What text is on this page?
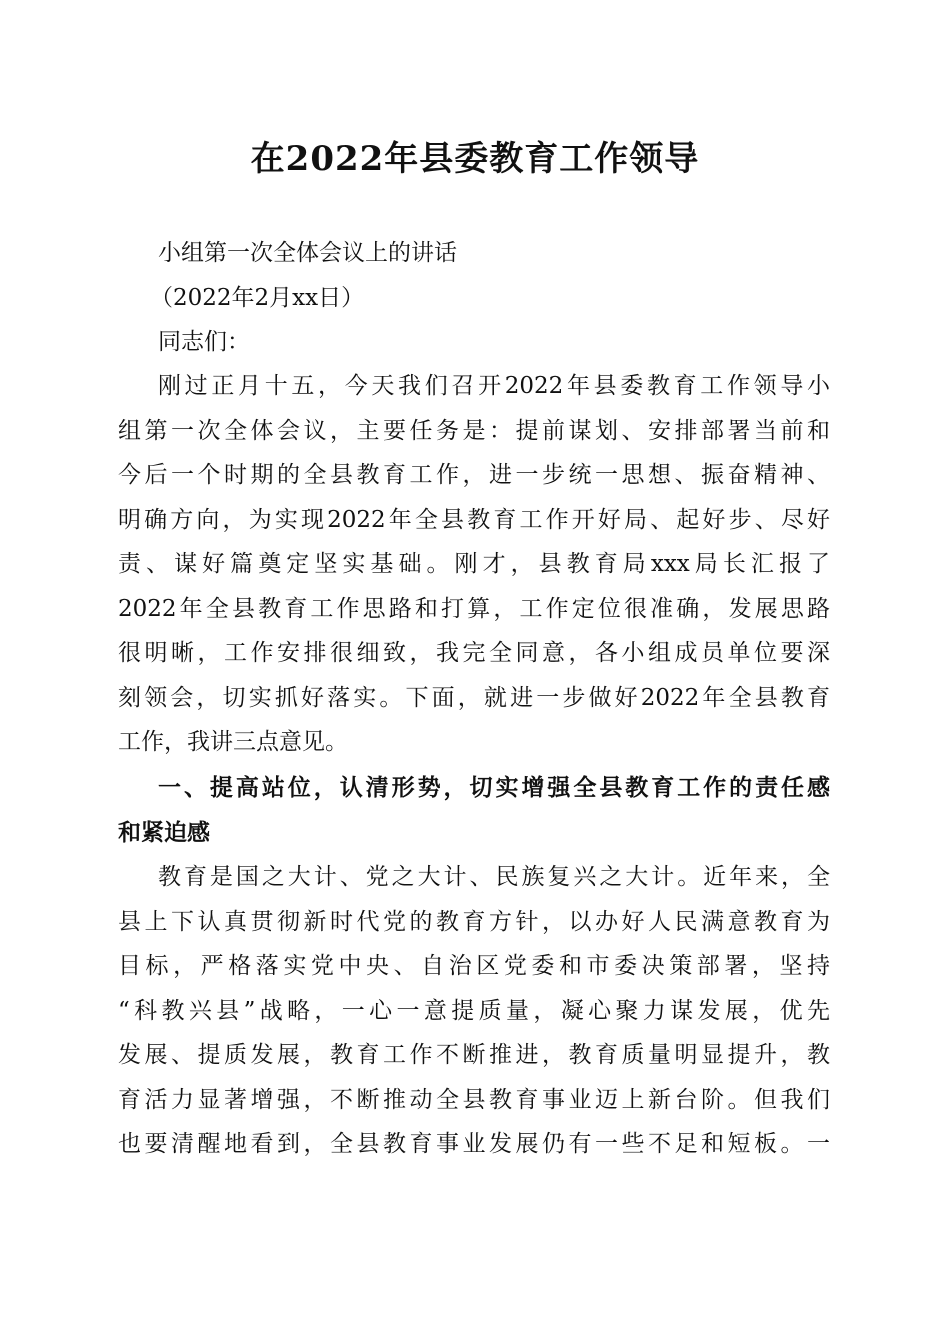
在2022年县委教育工作领导

小组第一次全体会议上的讲话

（2022年2月xx日）

同志们：

刚过正月十五，今天我们召开2022年县委教育工作领导小

组第一次全体会议，主要任务是：提前谋划、安排部署当前和

今后一个时期的全县教育工作，进一步统一思想、振奋精神、

明确方向，为实现2022年全县教育工作开好局、起好步、尽好

责、谋好篇奠定坚实基础。刚才，县教育局xxx局长汇报了

2022年全县教育工作思路和打算，工作定位很准确，发展思路

很明晰，工作安排很细致，我完全同意，各小组成员单位要深

刻领会，切实抓好落实。下面，就进一步做好2022年全县教育

工作，我讲三点意见。

一、提高站位，认清形势，切实增强全县教育工作的责任感

和紧迫感

教育是国之大计、党之大计、民族复兴之大计。近年来，全

县上下认真贯彻新时代党的教育方针，以办好人民满意教育为

目标，严格落实党中央、自治区党委和市委决策部署，坚持

“科教兴县”战略，一心一意提质量，凝心聚力谋发展，优先

发展、提质发展，教育工作不断推进，教育质量明显提升，教

育活力显著增强，不断推动全县教育事业迈上新台阶。但我们

也要清醒地看到，全县教育事业发展仍有一些不足和短板。一
